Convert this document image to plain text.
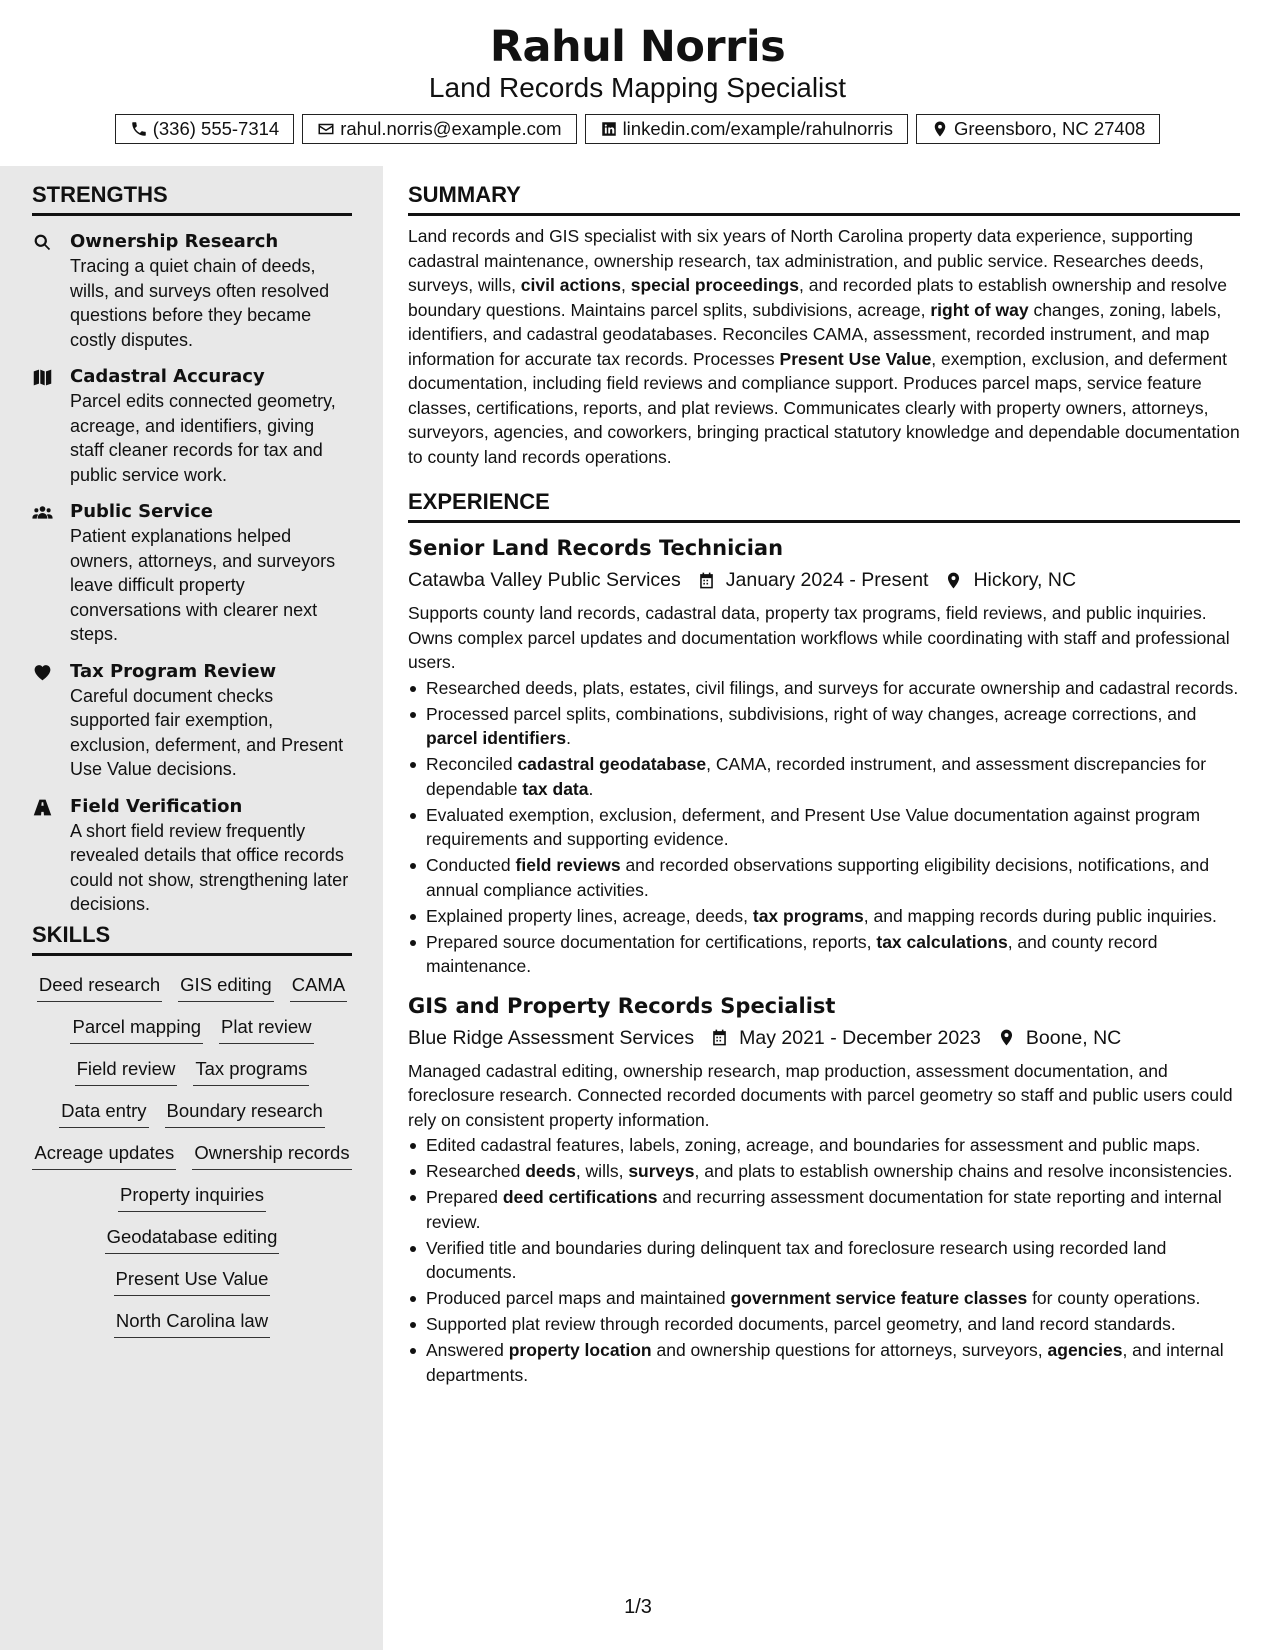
Rahul Norris
Land Records Mapping Specialist
(336) 555-7314	rahul.norris@example.com	linkedin.com/example/rahulnorris	Greensboro, NC 27408
STRENGTHS
Ownership Research
Tracing a quiet chain of deeds, wills, and surveys often resolved questions before they became costly disputes.
Cadastral Accuracy
Parcel edits connected geometry, acreage, and identifiers, giving staff cleaner records for tax and public service work.
Public Service
Patient explanations helped owners, attorneys, and surveyors leave difficult property conversations with clearer next steps.
Tax Program Review
Careful document checks supported fair exemption, exclusion, deferment, and Present Use Value decisions.
Field Verification
A short field review frequently revealed details that office records could not show, strengthening later decisions.
SKILLS
Deed research GIS editing CAMA
Parcel mapping Plat review
Field review Tax programs
Data entry Boundary research
Acreage updates Ownership records
Property inquiries
Geodatabase editing
Present Use Value
North Carolina law
SUMMARY
Land records and GIS specialist with six years of North Carolina property data experience, supporting cadastral maintenance, ownership research, tax administration, and public service. Researches deeds, surveys, wills, civil actions, special proceedings, and recorded plats to establish ownership and resolve boundary questions. Maintains parcel splits, subdivisions, acreage, right of way changes, zoning, labels, identifiers, and cadastral geodatabases. Reconciles CAMA, assessment, recorded instrument, and map information for accurate tax records. Processes Present Use Value, exemption, exclusion, and deferment documentation, including field reviews and compliance support. Produces parcel maps, service feature classes, certifications, reports, and plat reviews. Communicates clearly with property owners, attorneys, surveyors, agencies, and coworkers, bringing practical statutory knowledge and dependable documentation to county land records operations.
EXPERIENCE
Senior Land Records Technician
Catawba Valley Public Services January 2024 - Present Hickory, NC
Supports county land records, cadastral data, property tax programs, field reviews, and public inquiries. Owns complex parcel updates and documentation workflows while coordinating with staff and professional users.
Researched deeds, plats, estates, civil filings, and surveys for accurate ownership and cadastral records.
Processed parcel splits, combinations, subdivisions, right of way changes, acreage corrections, and parcel identifiers.
Reconciled cadastral geodatabase, CAMA, recorded instrument, and assessment discrepancies for dependable tax data.
Evaluated exemption, exclusion, deferment, and Present Use Value documentation against program requirements and supporting evidence.
Conducted field reviews and recorded observations supporting eligibility decisions, notifications, and annual compliance activities.
Explained property lines, acreage, deeds, tax programs, and mapping records during public inquiries.
Prepared source documentation for certifications, reports, tax calculations, and county record maintenance.
GIS and Property Records Specialist
Blue Ridge Assessment Services May 2021 - December 2023 Boone, NC
Managed cadastral editing, ownership research, map production, assessment documentation, and foreclosure research. Connected recorded documents with parcel geometry so staff and public users could rely on consistent property information.
Edited cadastral features, labels, zoning, acreage, and boundaries for assessment and public maps.
Researched deeds, wills, surveys, and plats to establish ownership chains and resolve inconsistencies.
Prepared deed certifications and recurring assessment documentation for state reporting and internal review.
Verified title and boundaries during delinquent tax and foreclosure research using recorded land documents.
Produced parcel maps and maintained government service feature classes for county operations.
Supported plat review through recorded documents, parcel geometry, and land record standards.
Answered property location and ownership questions for attorneys, surveyors, agencies, and internal departments.
1/3
